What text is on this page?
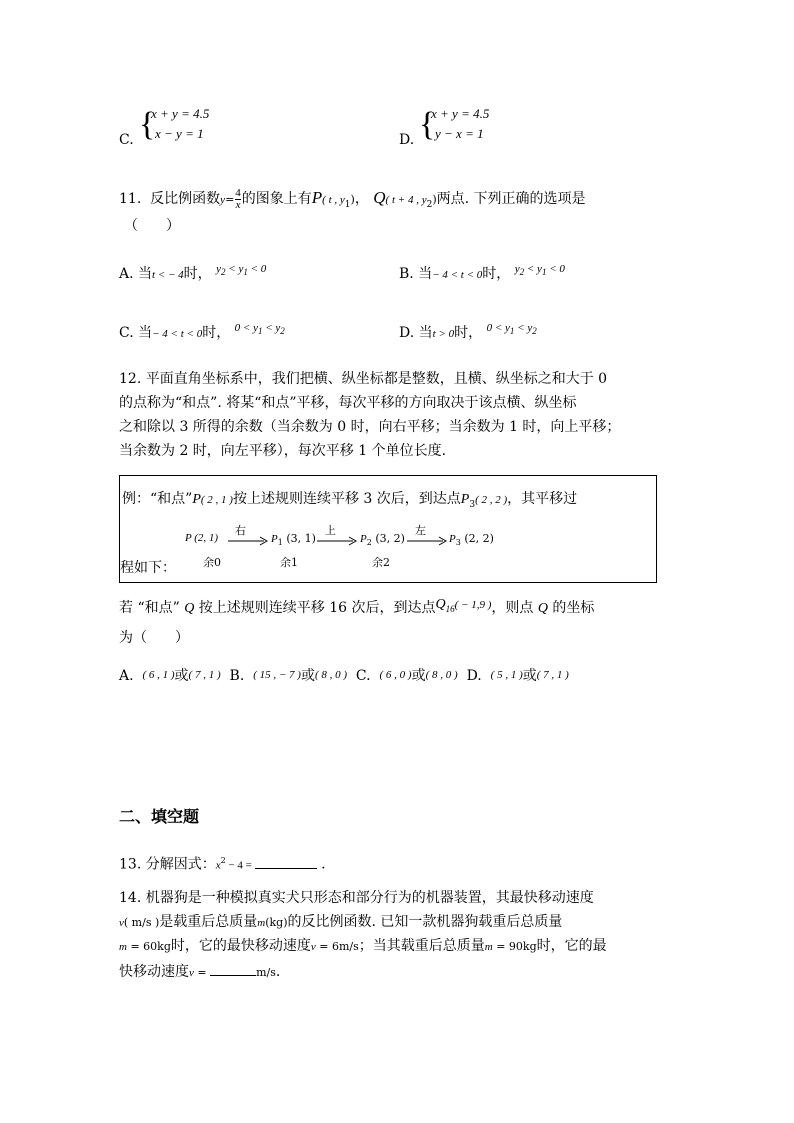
C. {
x + y = 4.5
x − y = 1	D. {
x + y = 4.5
y − x = 1
11. 反比例函数$y= \frac{4}{x}$ 的图象上有P( t , $y_1$)， Q( t + 4 , $y_2$)两点. 下列正确的选项是
（　　）
A. 当t < − 4时， $^{y_2 < y_1 < 0}$	B. 当− 4 < t < 0时， $^{y_2 < y_1 < 0}$
C. 当− 4 < t < 0时， $^{0 < y_1 < y_2}$	D. 当t > 0时， $^{0 < y_1 < y_2}$
12. 平面直角坐标系中，我们把横、纵坐标都是整数，且横、纵坐标之和大于 0
的点称为“和点”. 将某“和点”平移，每次平移的方向取决于该点横、纵坐标
之和除以 3 所得的余数（当余数为 0 时，向右平移；当余数为 1 时，向上平移；
当余数为 2 时，向左平移），每次平移 1 个单位长度.
例：“和点”P( 2 , 1 )按上述规则连续平移 3 次后，到达点$P_3$( 2 , 2 )，其平移过
程如下：
P (2, 1)
右
余0
$P_1$ (3, 1)
上
余1
$P_2$ (3, 2)
左
余2
$P_3$ (2, 2)
若 “和点” Q 按上述规则连续平移 16 次后，到达点$Q_{16}^{( - 1,9 )}$，则点 Q 的坐标
为（　　）
A. ( 6 , 1 )或( 7 , 1 ) B. ( 15 , − 7 )或( 8 , 0 ) C. ( 6 , 0 )或( 8 , 0 ) D. ( 5 , 1 )或( 7 , 1 )
二、填空题
13. 分解因式：$x^2 - 4$ =	.
14. 机器狗是一种模拟真实犬只形态和部分行为的机器装置，其最快移动速度
v( m/s )是载重后总质量m(kg)的反比例函数. 已知一款机器狗载重后总质量
m = 60kg时，它的最快移动速度v = 6m/s；当其载重后总质量m = 90kg时，它的最
快移动速度v =	m/s.
